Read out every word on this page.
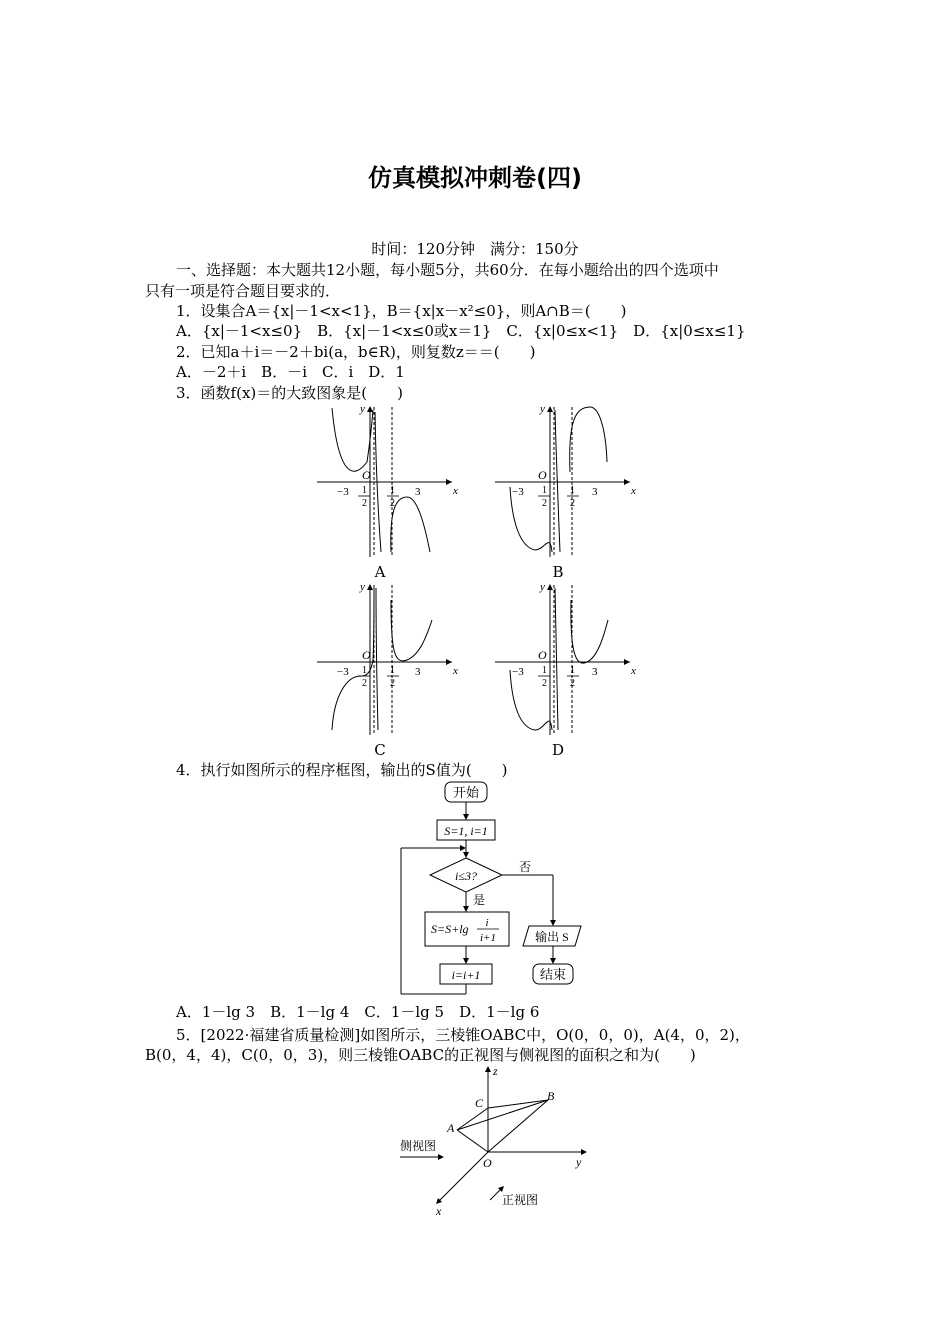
仿真模拟冲刺卷(四)
时间：120分钟　满分：150分
一、选择题：本大题共12小题，每小题5分，共60分．在每小题给出的四个选项中
只有一项是符合题目要求的．
1．设集合A＝{x|－1<x<1}，B＝{x|x－x²≤0}，则A∩B＝(　　)
A．{x|－1<x≤0}　B．{x|－1<x≤0或x＝1}　C．{x|0≤x<1}　D．{x|0≤x≤1}
2．已知a＋i＝－2＋bi(a，b∈R)，则复数z＝＝(　　)
A．－2＋i　B．－i　C．i　D．1
3．函数f(x)＝的大致图象是(　　)
y
x
O
−3	3
1
2
1
2
A
y
x
O
−3	3
1
2
1
2
B
y
x
O
−3	3
1
2
1
2
C
y
x
O
−3	3
1
2
1
2
D
4．执行如图所示的程序框图，输出的S值为(　　)
开始
S=1, i=1
i≤3?
否
输出 S
结束
是
S=S+lg i
i+1
i=i+1
A．1－lg 3　B．1－lg 4　C．1－lg 5　D．1－lg 6
5．[2022·福建省质量检测]如图所示，三棱锥OABC中，O(0，0，0)，A(4，0，2)，
B(0，4，4)，C(0，0，3)，则三棱锥OABC的正视图与侧视图的面积之和为(　　)
z
y
x
O
A
B
C
侧视图
正视图
